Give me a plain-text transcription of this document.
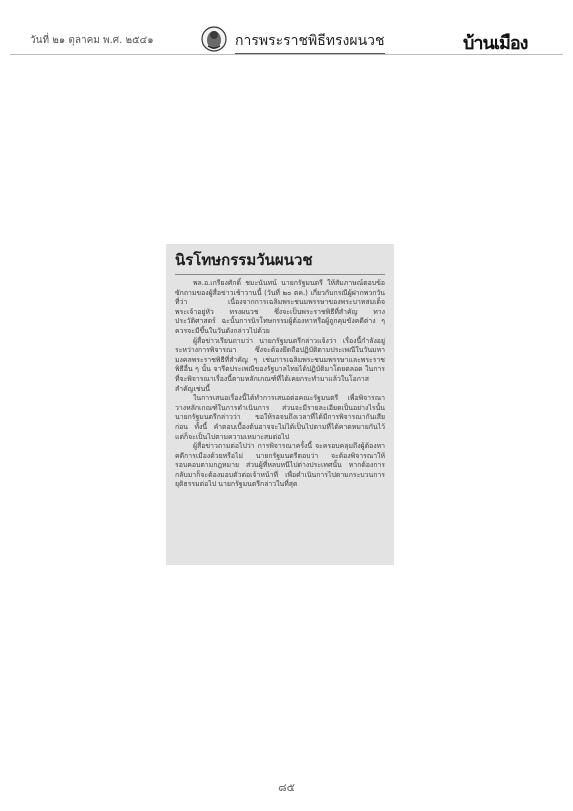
วันที่ ๒๑ ตุลาคม พ.ศ. ๒๕๔๑	การพระราชพิธีทรงผนวช	บ้านเมือง
นิรโทษกรรมวันผนวช

พล.อ.เกรียงศักดิ์ ชมะนันทน์ นายกรัฐมนตรี ให้สัมภาษณ์ตอบข้อซักถามของผู้สื่อข่าวเช้าวานนี้ (วันที่ ๒๐ ตค.) เกี่ยวกับกรณีผู้ฝากพวกวันที่ว่า เนื่องจากการเฉลิมพระชนมพรรษาของพระบาทสมเด็จพระเจ้าอยู่หัว ทรงผนวช ซึ่งจะเป็นพระราชพิธีที่สำคัญ ทางประวัติศาสตร์ ฉะนั้นการนิรโทษกรรมผู้ต้องหาหรือผู้ถูกคุมขังคดีต่าง ๆ ควรจะมีขึ้นในวันดังกล่าวไปด้วย

ผู้สื่อข่าวเรียนถามว่า นายกรัฐมนตรีกล่าวแจ้งว่า เรื่องนี้กำลังอยู่ระหว่างการพิจารณา ซึ่งจะต้องยึดถือปฏิบัติตามประเพณีในวันมหามงคลพระราชพิธีที่สำคัญ ๆ เช่นการเฉลิมพระชนมพรรษาและพระราชพิธีอื่น ๆ นั้น จารีตประเพณีของรัฐบาลไทยได้ปฏิบัติมาโดยตลอด ในการที่จะพิจารณาเรื่องนี้ตามหลักเกณฑ์ที่ได้เคยกระทำมาแล้วในโอกาสสำคัญเช่นนี้

ในการเสนอเรื่องนี้ได้ทำการเสนอต่อคณะรัฐมนตรี เพื่อพิจารณาวางหลักเกณฑ์ในการดำเนินการ ส่วนจะมีรายละเอียดเป็นอย่างไรนั้น นายกรัฐมนตรีกล่าวว่า ขอให้รอจนถึงเวลาที่ได้มีการพิจารณากันเสียก่อน ทั้งนี้ คำตอบเบื้องต้นอาจจะไม่ได้เป็นไปตามที่ได้คาดหมายกันไว้ แต่ก็จะเป็นไปตามความเหมาะสมต่อไป

ผู้สื่อข่าวถามต่อไปว่า การพิจารณาครั้งนี้ จะครอบคลุมถึงผู้ต้องหาคดีการเมืองด้วยหรือไม่ นายกรัฐมนตรีตอบว่า จะต้องพิจารณาให้รอบคอบตามกฎหมาย ส่วนผู้ที่หลบหนีไปต่างประเทศนั้น หากต้องการกลับมาก็จะต้องมอบตัวต่อเจ้าหน้าที่ เพื่อดำเนินการไปตามกระบวนการยุติธรรมต่อไป นายกรัฐมนตรีกล่าวในที่สุด

๘๕
